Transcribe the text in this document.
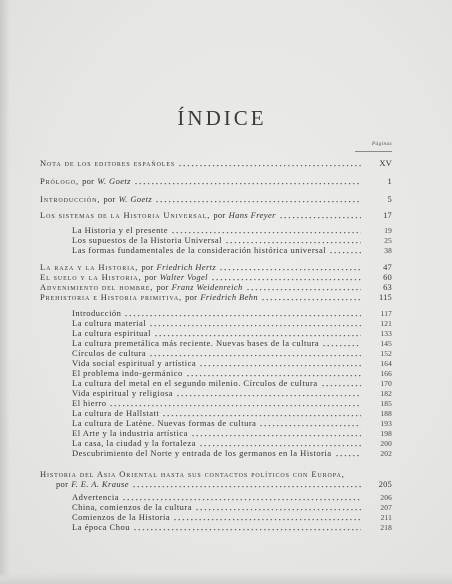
ÍNDICE
Páginas
Nota de los editores españoles	XV
Prólogo, por W. Goetz	1
Introducción, por W. Goetz	5
Los sistemas de la Historia Universal, por Hans Freyer	17
La Historia y el presente	19
Los supuestos de la Historia Universal	25
Las formas fundamentales de la consideración histórica universal	38
La raza y la Historia, por Friedrich Hertz	47
El suelo y la Historia, por Walter Vogel	60
Advenimiento del hombre, por Franz Weidenreich	63
Prehistoria e Historia primitiva, por Friedrich Behn	115
Introducción	117
La cultura material	121
La cultura espiritual	133
La cultura premetálica más reciente. Nuevas bases de la cultura	145
Círculos de cultura	152
Vida social espiritual y artística	164
El problema indo-germánico	166
La cultura del metal en el segundo milenio. Círculos de cultura	170
Vida espiritual y religiosa	182
El hierro	185
La cultura de Hallstatt	188
La cultura de Latène. Nuevas formas de cultura	193
El Arte y la industria artística	198
La casa, la ciudad y la fortaleza	200
Descubrimiento del Norte y entrada de los germanos en la Historia	202
Historia del Asia Oriental hasta sus contactos políticos con Europa,
por F. E. A. Krause	205
Advertencia	206
China, comienzos de la cultura	207
Comienzos de la Historia	211
La época Chou	218
